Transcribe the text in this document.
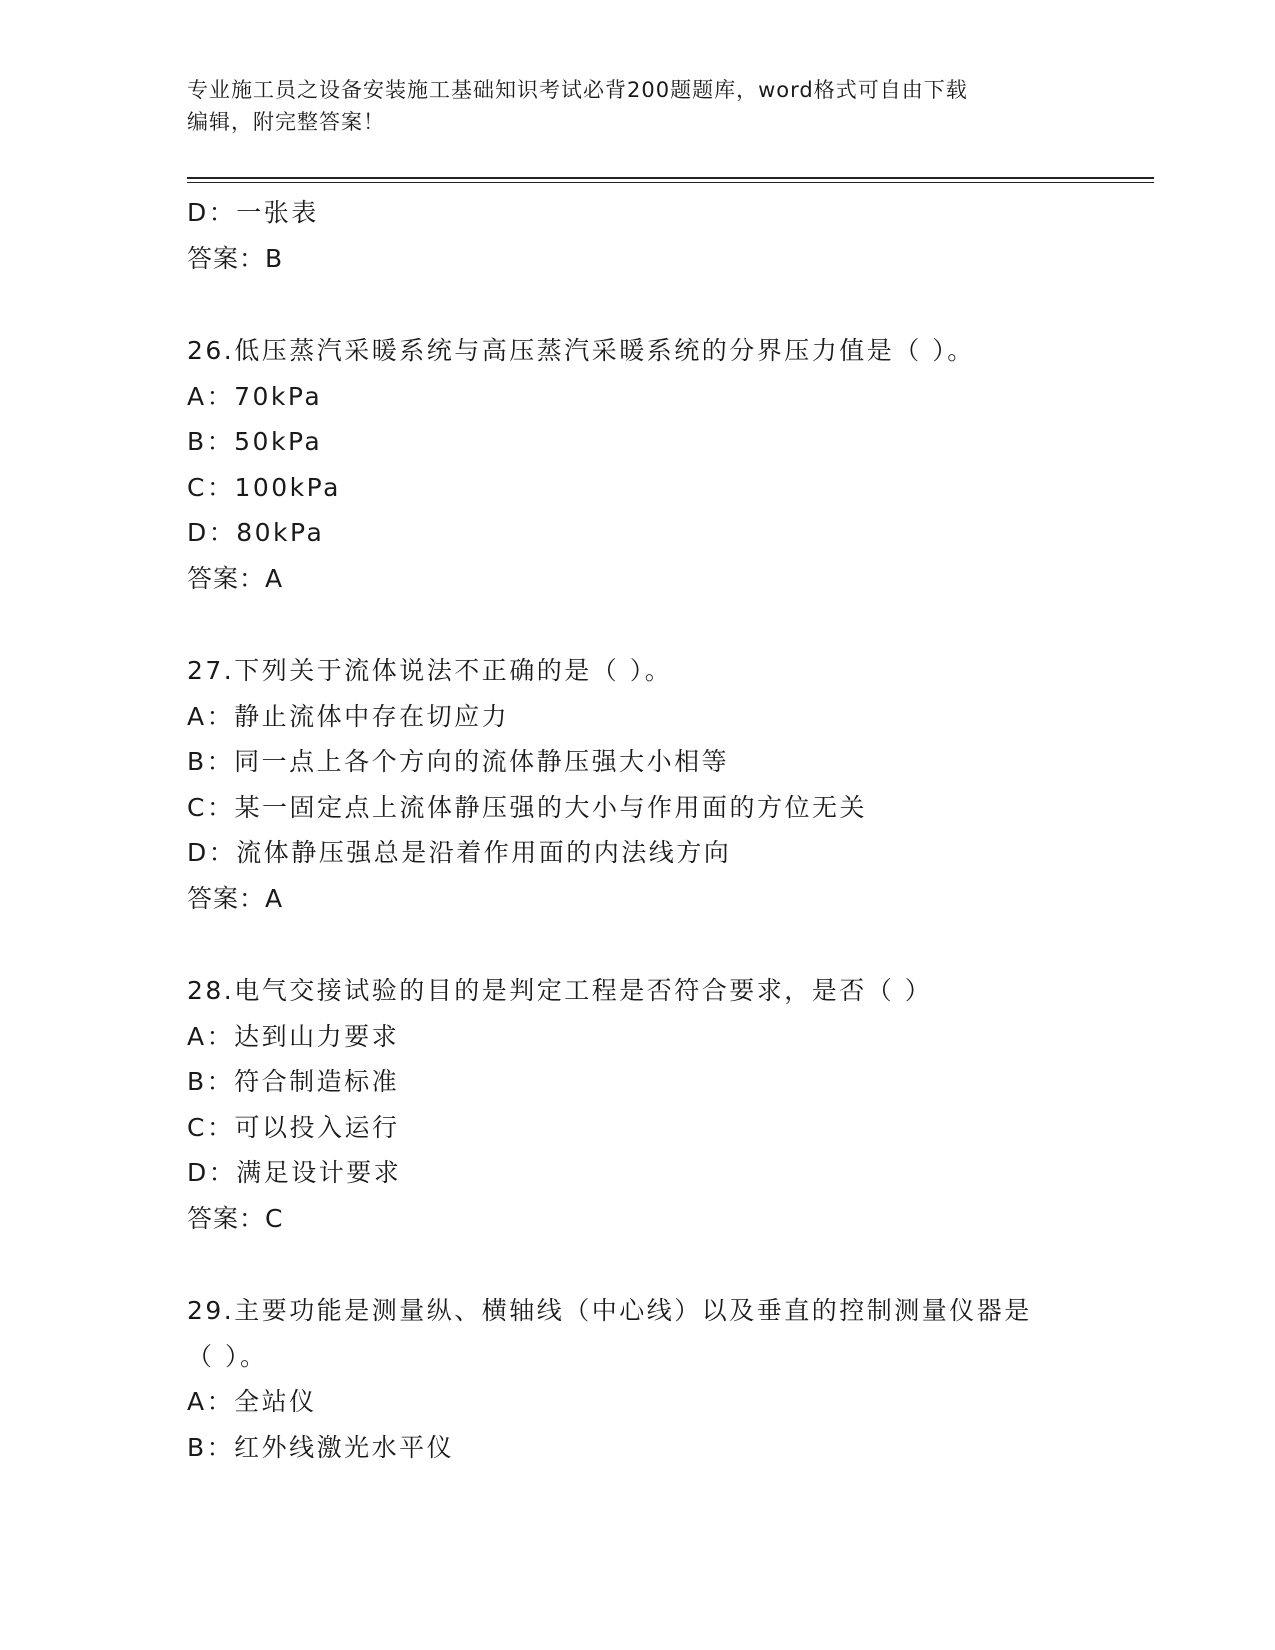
专业施工员之设备安装施工基础知识考试必背200题题库，word格式可自由下载
编辑，附完整答案！
D：一张表
答案：B
26.低压蒸汽采暖系统与高压蒸汽采暖系统的分界压力值是（ ）。
A：70kPa
B：50kPa
C：100kPa
D：80kPa
答案：A
27.下列关于流体说法不正确的是（ ）。
A：静止流体中存在切应力
B：同一点上各个方向的流体静压强大小相等
C：某一固定点上流体静压强的大小与作用面的方位无关
D：流体静压强总是沿着作用面的内法线方向
答案：A
28.电气交接试验的目的是判定工程是否符合要求，是否（ ）
A：达到山力要求
B：符合制造标准
C：可以投入运行
D：满足设计要求
答案：C
29.主要功能是测量纵、横轴线（中心线）以及垂直的控制测量仪器是
（ ）。
A：全站仪
B：红外线激光水平仪
